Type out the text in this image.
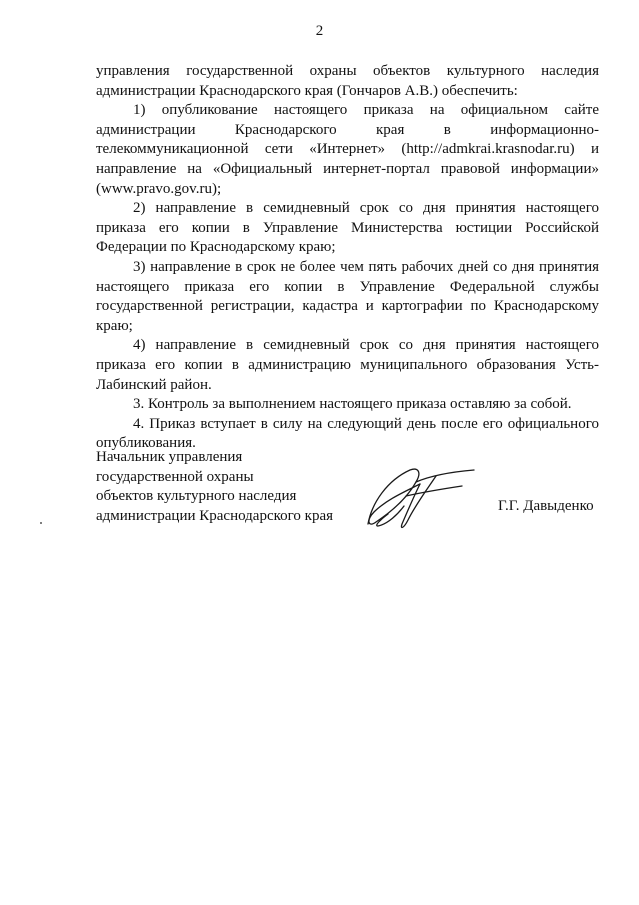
2

управления государственной охраны объектов культурного наследия администрации Краснодарского края (Гончаров А.В.) обеспечить:

1) опубликование настоящего приказа на официальном сайте администрации Краснодарского края в информационно-телекоммуникационной сети «Интернет» (http://admkrai.krasnodar.ru) и направление на «Официальный интернет-портал правовой информации» (www.pravo.gov.ru);

2) направление в семидневный срок со дня принятия настоящего приказа его копии в Управление Министерства юстиции Российской Федерации по Краснодарскому краю;

3) направление в срок не более чем пять рабочих дней со дня принятия настоящего приказа его копии в Управление Федеральной службы государственной регистрации, кадастра и картографии по Краснодарскому краю;

4) направление в семидневный срок со дня принятия настоящего приказа его копии в администрацию муниципального образования Усть-Лабинский район.

3. Контроль за выполнением настоящего приказа оставляю за собой.

4. Приказ вступает в силу на следующий день после его официального опубликования.

Начальник управления
государственной охраны
объектов культурного наследия
администрации Краснодарского края
Г.Г. Давыденко
